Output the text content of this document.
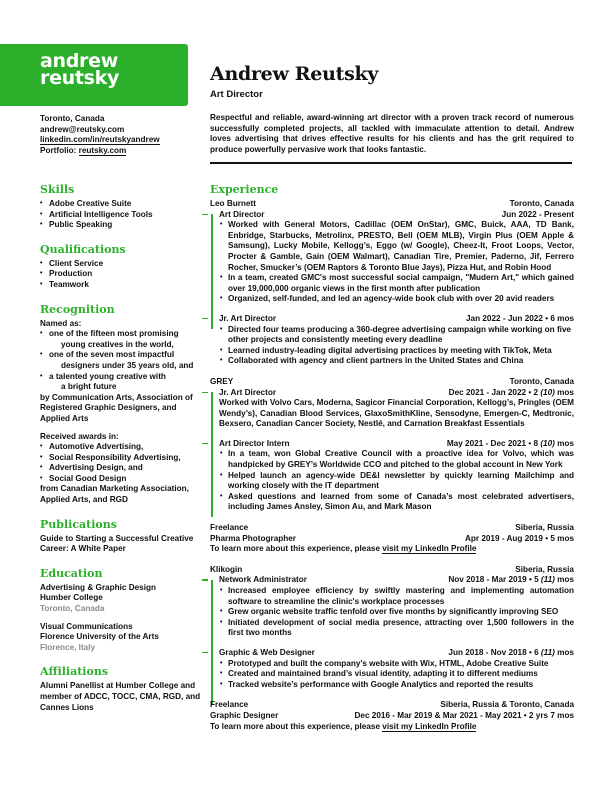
andrew
reutsky
Toronto, Canada
andrew@reutsky.com
linkedin.com/in/reutskyandrew
Portfolio: reutsky.com
Andrew Reutsky
Art Director
Respectful and reliable, award-winning art director with a proven track record of numerous successfully completed projects, all tackled with immaculate attention to detail. Andrew loves advertising that drives effective results for his clients and has the grit required to produce powerfully pervasive work that looks fantastic.
Skills
• Adobe Creative Suite
• Artificial Intelligence Tools
• Public Speaking
Qualifications
• Client Service
• Production
• Teamwork
Recognition
Named as:
• one of the fifteen most promising
young creatives in the world,
• one of the seven most impactful
designers under 35 years old, and
• a talented young creative with
a bright future
by Communication Arts, Association of Registered Graphic Designers, and Applied Arts
Received awards in:
• Automotive Advertising,
• Social Responsibility Advertising,
• Advertising Design, and
• Social Good Design
from Canadian Marketing Association, Applied Arts, and RGD
Publications
Guide to Starting a Successful Creative Career: A White Paper
Education
Advertising & Graphic Design
Humber College
Toronto, Canada
Visual Communications
Florence University of the Arts
Florence, Italy
Affiliations
Alumni Panellist at Humber College and member of ADCC, TOCC, CMA, RGD, and Cannes Lions
Experience
Leo Burnett	Toronto, Canada
Art Director	Jun 2022 - Present
• Worked with General Motors, Cadillac (OEM OnStar), GMC, Buick, AAA, TD Bank, Enbridge, Starbucks, Metrolinx, PRESTO, Bell (OEM MLB), Virgin Plus (OEM Apple & Samsung), Lucky Mobile, Kellogg’s, Eggo (w/ Google), Cheez-It, Froot Loops, Vector, Procter & Gamble, Gain (OEM Walmart), Canadian Tire, Premier, Paderno, Jif, Ferrero Rocher, Smucker’s (OEM Raptors & Toronto Blue Jays), Pizza Hut, and Robin Hood
• In a team, created GMC's most successful social campaign, "Mudern Art," which gained over 19,000,000 organic views in the first month after publication
• Organized, self-funded, and led an agency-wide book club with over 20 avid readers
Jr. Art Director	Jan 2022 - Jun 2022 • 6 mos
• Directed four teams producing a 360-degree advertising campaign while working on five other projects and consistently meeting every deadline
• Learned industry-leading digital advertising practices by meeting with TikTok, Meta
• Collaborated with agency and client partners in the United States and China
GREY	Toronto, Canada
Jr. Art Director	Dec 2021 - Jan 2022 • 2 (10) mos
Worked with Volvo Cars, Moderna, Sagicor Financial Corporation, Kellogg’s, Pringles (OEM Wendy’s), Canadian Blood Services, GlaxoSmithKline, Sensodyne, Emergen-C, Medtronic, Bexsero, Canadian Cancer Society, Nestlé, and Carnation Breakfast Essentials
Art Director Intern	May 2021 - Dec 2021 • 8 (10) mos
• In a team, won Global Creative Council with a proactive idea for Volvo, which was handpicked by GREY’s Worldwide CCO and pitched to the global account in New York
• Helped launch an agency-wide DE&I newsletter by quickly learning Mailchimp and working closely with the IT department
• Asked questions and learned from some of Canada’s most celebrated advertisers, including James Ansley, Simon Au, and Mark Mason
Freelance	Siberia, Russia
Pharma Photographer	Apr 2019 - Aug 2019 • 5 mos
To learn more about this experience, please visit my LinkedIn Profile
Klikogin	Siberia, Russia
Network Administrator	Nov 2018 - Mar 2019 • 5 (11) mos
• Increased employee efficiency by swiftly mastering and implementing automation software to streamline the clinic's workplace processes
• Grew organic website traffic tenfold over five months by significantly improving SEO
• Initiated development of social media presence, attracting over 1,500 followers in the first two months
Graphic & Web Designer	Jun 2018 - Nov 2018 • 6 (11) mos
• Prototyped and built the company’s website with Wix, HTML, Adobe Creative Suite
• Created and maintained brand’s visual identity, adapting it to different mediums
• Tracked website’s performance with Google Analytics and reported the results
Freelance	Siberia, Russia & Toronto, Canada
Graphic Designer	Dec 2016 - Mar 2019 & Mar 2021 - May 2021 • 2 yrs 7 mos
To learn more about this experience, please visit my LinkedIn Profile
